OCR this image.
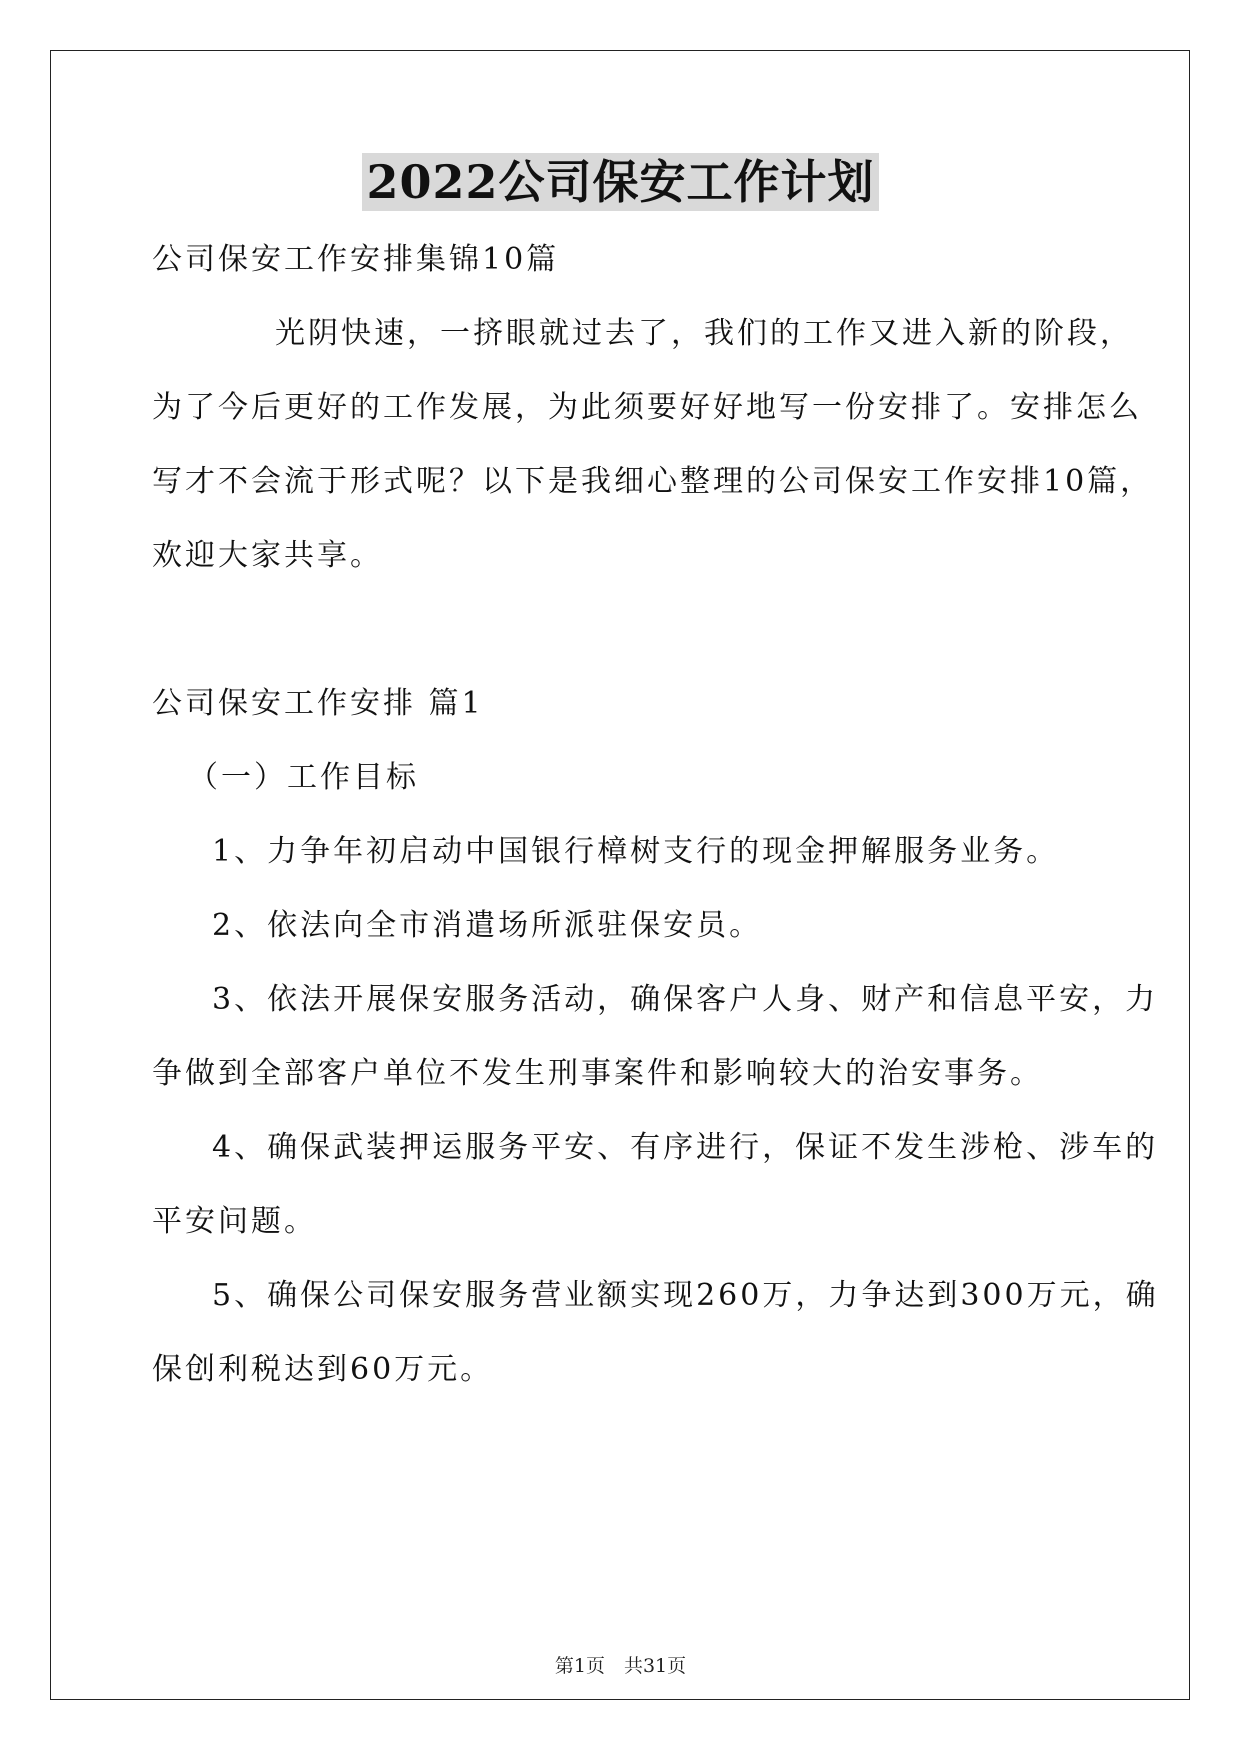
2022公司保安工作计划
公司保安工作安排集锦10篇
光阴快速，一挤眼就过去了，我们的工作又进入新的阶段，
为了今后更好的工作发展，为此须要好好地写一份安排了。安排怎么
写才不会流于形式呢？以下是我细心整理的公司保安工作安排10篇，
欢迎大家共享。
公司保安工作安排 篇1
（一）工作目标
1、力争年初启动中国银行樟树支行的现金押解服务业务。
2、依法向全市消遣场所派驻保安员。
3、依法开展保安服务活动，确保客户人身、财产和信息平安，力
争做到全部客户单位不发生刑事案件和影响较大的治安事务。
4、确保武装押运服务平安、有序进行，保证不发生涉枪、涉车的
平安问题。
5、确保公司保安服务营业额实现260万，力争达到300万元，确
保创利税达到60万元。
第1页　共31页
